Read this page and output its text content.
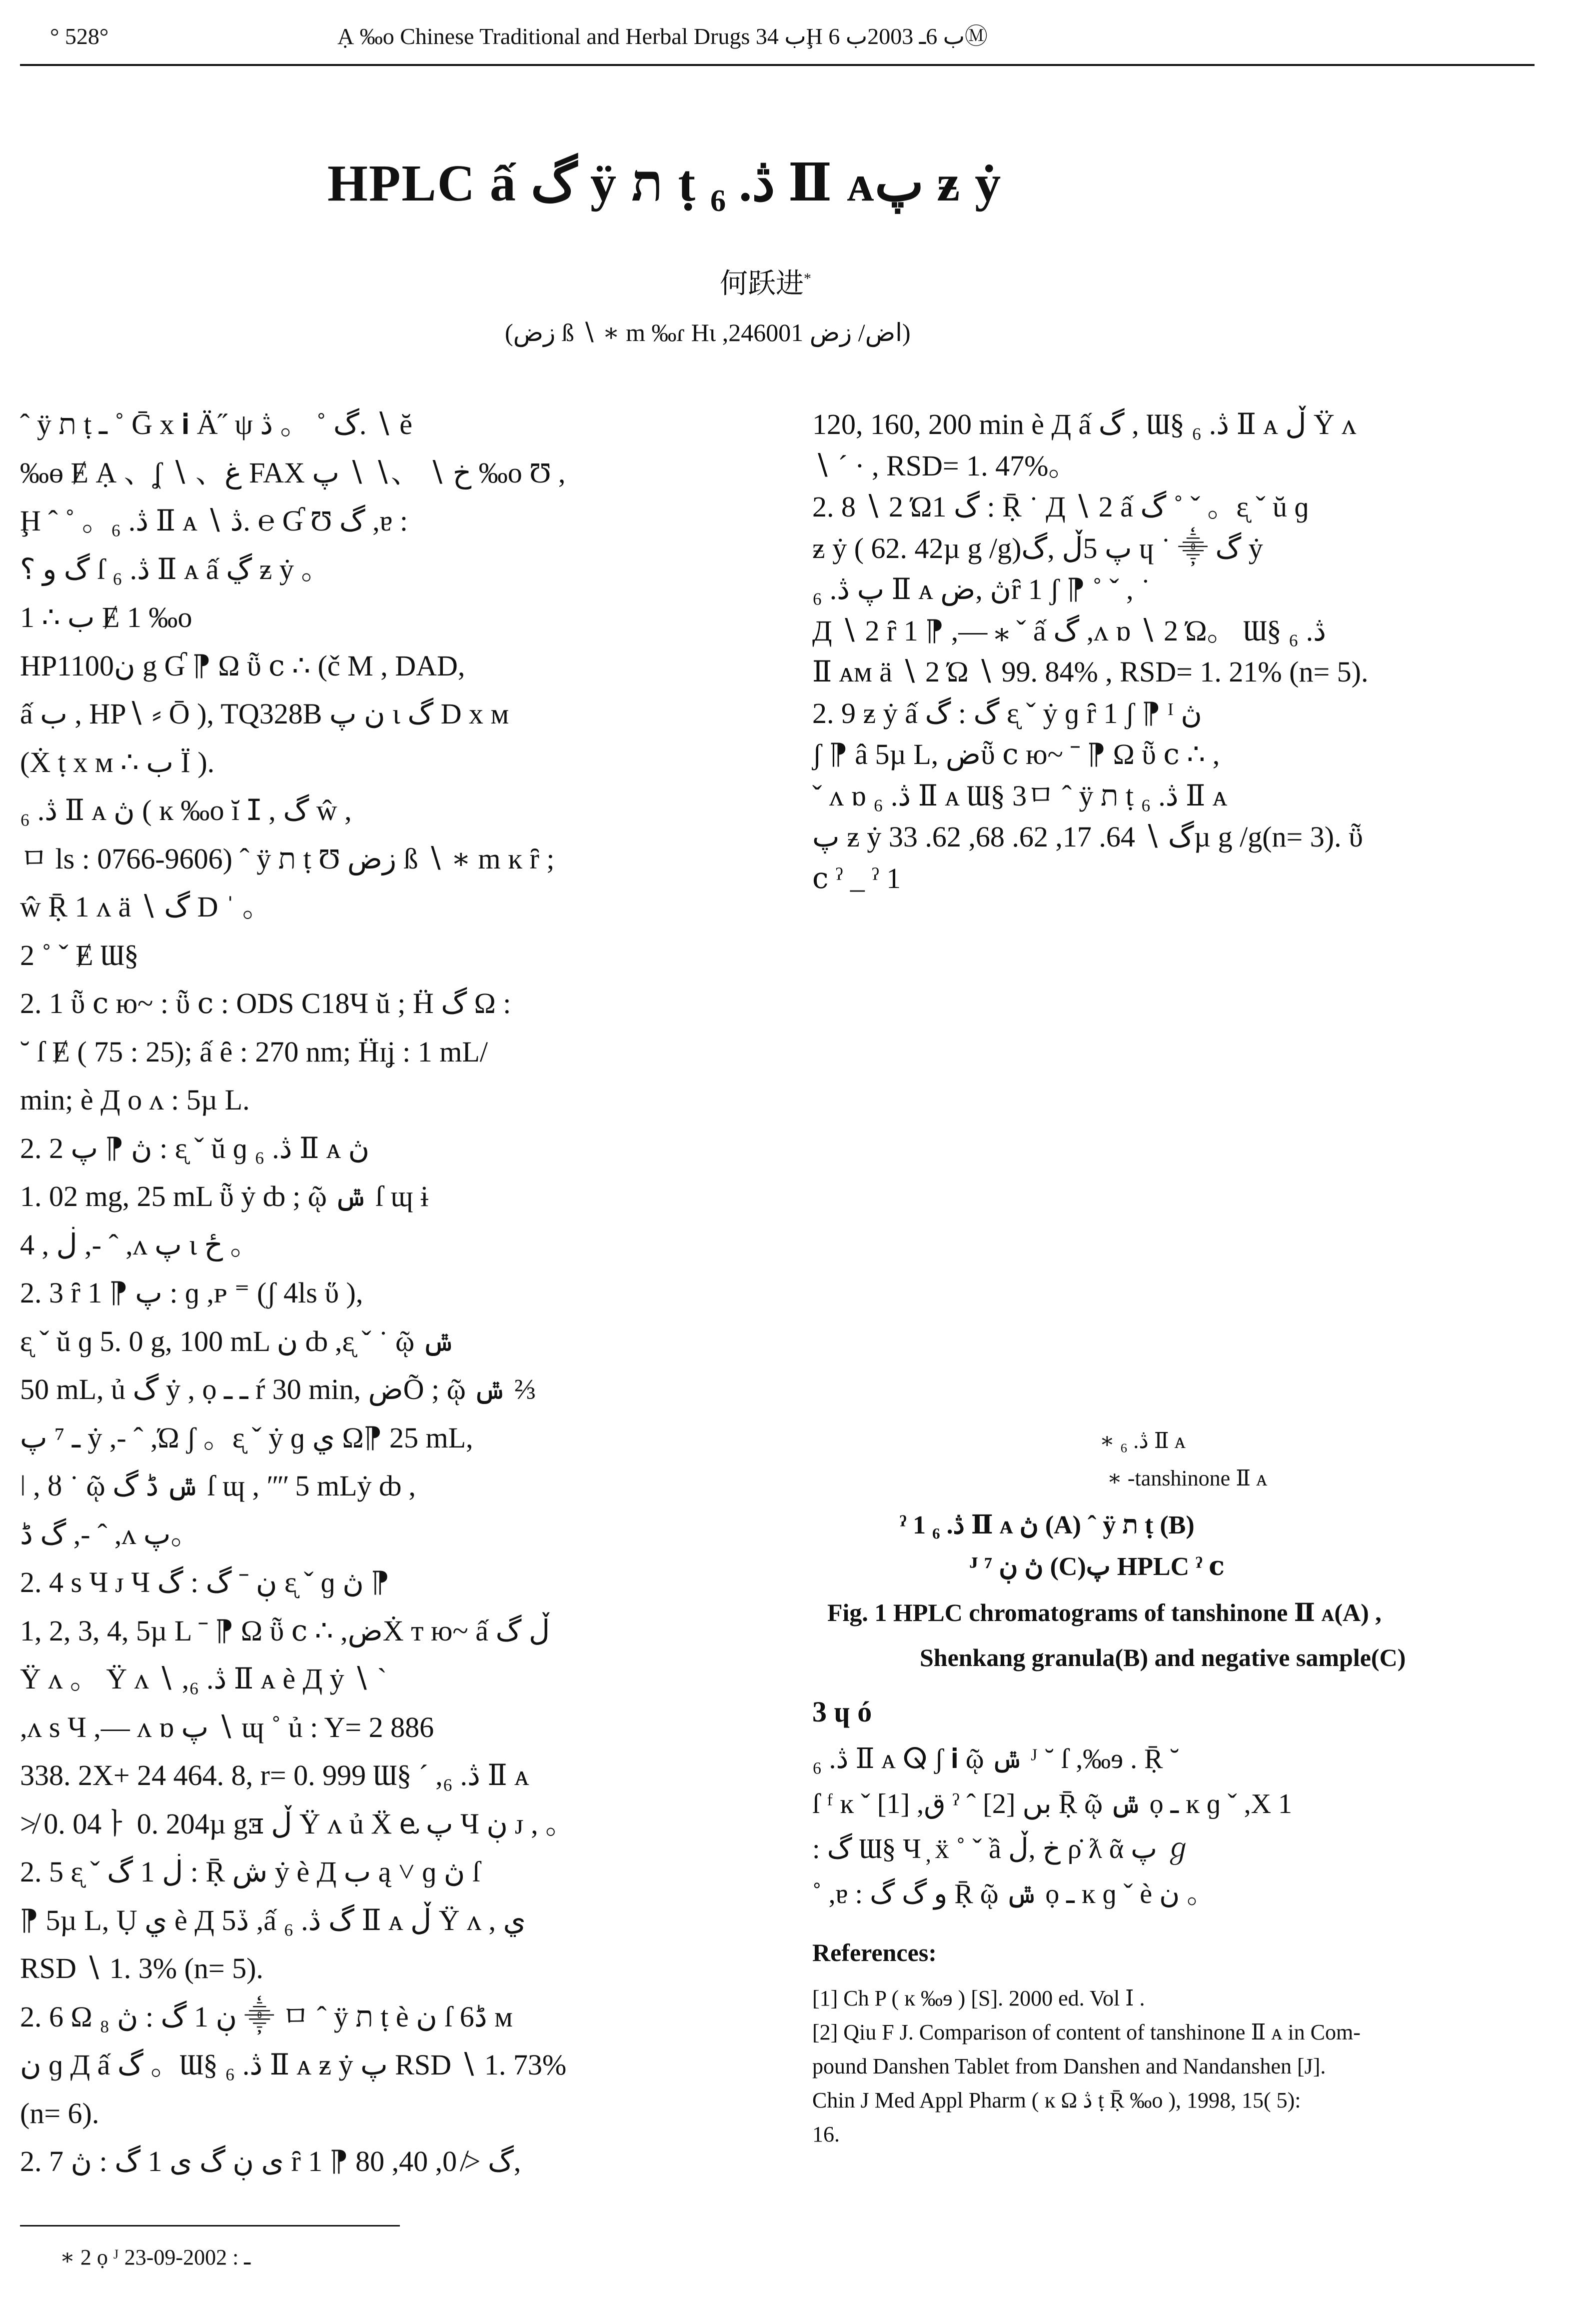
° 528°	Ạ ‰o Chinese Traditional and Herbal Drugs ب 34Ḩ ب 6ـ 2003ب 6Ⓜ
HPLC ấ گ ÿ ת ṭ ڎ. ₆ Ⅱ ᴀپ ƶ ẏ
何跃进*
(زض ß ∖ ∗ m ‰ɾ Hɩ ,اض/ زض 246001)
ˆ ÿ ת ṭ ـ ˚ Ḡ x 𝐢 Ä˝ ψ گ ˚ 。 ڎ. ∖ ĕ
‰ɵ Ɇ Ạ 、ʆ ∖ 、غ FAX خ ∖ 、∖ ∖ پ ‰o Ʊ ,
Ḩ ˆ ˚ 。ڎ. ₆ Ⅱ ᴀ ∖ ڎ. ℮ Ɠ Ʊ گ ,ɐ :
گ و ؟ ſ ڎ. ₆ Ⅱ ᴀ ấ ڲ ƶ ẏ 。
1 ∴ ب Ɇ 1 ‰o
HP1100ن g Ɠ ⁋ Ω ῧ ⅽ ∴ (č M , DAD,
ấ ب , HP∖ ⸗ Ō ), TQ328B ن پ ɩ گ D x ᴍ
(Ẋ ṭ x ᴍ ∴ ب Ї ).
ڎ. ₆ Ⅱ ᴀ ڽ ( ĸ ‰o ĭ ⵊ , گ ŵ ,
ㅁ ls : 0766-9606) ˆ ÿ ת ṭ Ʊ زض ß ∖ ∗ m ĸ ȓ ;
ŵ Ṝ 1 ᴧ ä ∖ گ D ˈ 。
2 ˚ ˇ Ɇ Ɯ§
2. 1 ῧ ⅽ ю~ : ῧ ⅽ : ODS C18Ч ŭ ; Ḧ گ Ω :
˘ ſ Ɇ ( 75 : 25); ấ ȇ : 270 nm; Ḧɪʝ : 1 mL/
min; è Д o ᴧ : 5µ L.
2. 2 ڽ ⁋ پ : ᶓ ˇ ŭ ɡ ڎ. ₆ Ⅱ ᴀ ڽ
1. 02 mg, 25 mL ῧ ẏ ȸ ; ῷ ݜ ſ ɰ ɨ
4 , ڶ ,- ˆ ,ᴧ پ ɩ ځ 。
2. 3 ȓ 1 ⁋ پ : ɡ ,ᴘ ⁼ (ʃ 4ls ὕ ),
ᶓ ˇ ŭ ɡ 5. 0 g, 100 mL ن ȸ ,ᶓ ˇ ˙ ῷ ݜ
50 mL, ủ گ ẏ , ọ ـ ـ ŕ 30 min, ضÕ ; ῷ ݜ ⅔
ـ ⁷ پ ẏ ,- ˆ ,Ώ ʃ 。ᶓ ˇ ẏ ɡ ي Ω⁋ 25 mL,
ǀ , ȣ ˙ ῷ ݜ ڈ گ ſ ɰ , ʺʺ 5 mLẏ ȸ ,
گ ڈ ,- ˆ ,ᴧ پ。
2. 4 s Ч ᴊ Ч ڹ ˉ گ : گ ᶓ ˇ ɡ ڽ ⁋
1, 2, 3, 4, 5µ L ˉ ⁋ Ω ῧ ⅽ ∴ ,ضẊ т ю~ ấ ڵ گ
Ÿ ᴧ 。 Ÿ ᴧ ∖ ,ڎ. ₆ Ⅱ ᴀ è Д ẏ ∖ ˋ
,ᴧ s Ч ,— ᴧ ɒ پ ∖ ɰ ˚ ủ : Y= 2 886
338. 2X+ 24 464. 8, r= 0. 999 Ɯ§ ˊ ,ڎ. ₆ Ⅱ ᴀ
≯ 0. 04ㅏ 0. 204µ gⱻ ڵ Ÿ ᴧ ủ Ẍ ⱸ پ Ч ڹ ᴊ , 。
2. 5 ᶓ ˇ ڶ 1 گ : Ṝ ش ẏ è Д ب ą ˅ ɡ ڽ ſ
⁋ 5µ L, Ụ ي è Д 5ڏ ,ấ گ ڎ. ₆ Ⅱ ᴀ ڵ Ÿ ᴧ , ي
RSD ∖ 1. 3% (n= 5).
2. 6 Ω ڹ 1 گ : ڽ ₈ ⸎ ㅁ ˆ ÿ ת ṭ è ن ſ 6ڈ ᴍ
ن ɡ Д ấ گ 。Ɯ§ ڎ. ₆ Ⅱ ᴀ ƶ ẏ پ RSD ∖ 1. 73%
(n= 6).
2. 7 ى ڹ گ ى 1 گ : ڽ ȓ 1 ⁋ گ ≯ 0, 40, 80,
120, 160, 200 min è Д ấ گ , Ɯ§ ڎ. ₆ Ⅱ ᴀ ڵ Ÿ ᴧ
∖ ˊ · , RSD= 1. 47%。
2. 8 ∖ 2 Ώ1 گ : Ṝ ˙ Д ∖ 2 ấ گ ˚ ˇ 。ᶓ ˇ ŭ ɡ
ƶ ẏ ( 62. 42µ g /g)پ 5ڵ ,گ ɥ ˙ ⸎ گ ẏ
پ ڎ. ₆ Ⅱ ᴀ ڽ ,ضȓ 1 ʃ ⁋ ˚ ˇ , ˙
Д ∖ 2 ȓ 1 ⁋ ,— ⁎ ˇ ấ گ ,ᴧ ɒ ∖ 2 Ώ。 Ɯ§ ڎ. ₆
Ⅱ ᴀᴍ ä ∖ 2 Ώ ∖ 99. 84% , RSD= 1. 21% (n= 5).
2. 9 ƶ ẏ ấ گ : گ ᶓ ˇ ẏ ɡ ȓ 1 ʃ ⁋ ᴵ ڽ
ʃ ⁋ â 5µ L, ضῧ ⅽ ю~ ˉ ⁋ Ω ῧ ⅽ ∴ ,
ˇ ᴧ ɒ ڎ. ₆ Ⅱ ᴀ Ɯ§ 3ㅁ ˆ ÿ ת ṭ ڎ. ₆ Ⅱ ᴀ
پ ƶ ẏ گ ∖ 64. 17, 62. 68, 62. 33µ g /g(n= 3). ῧ
ⅽ ˀ _ ˀ 1
∗ ڎ. ₆ Ⅱ ᴀ
∗ -tanshinone Ⅱ ᴀ
ˀ 1 ڎ. ₆ Ⅱ ᴀ ڽ (A) ˆ ÿ ת ṭ (B)
ᴶ ⁷ ڽ ڹ (C)پ HPLC ˀ ⅽ
Fig. 1 HPLC chromatograms of tanshinone Ⅱ ᴀ(A) ,
Shenkang granula(B) and negative sample(C)
3 ɥ ó
ڎ. ₆ Ⅱ ᴀ ⵕ ʃ 𝐢 ῷ ݜ ᴶ ˘ ſ ,‰ɘ . Ṝ ˘
ſ ᶠ ĸ ˇ [1] ,ق ˀ ˆ بں [2] Ṝ ῷ ݜ ọ ـ ĸ ɡ ˇ ,X 1
: گ Ɯ§ Ч ̦ ẍ ˚ ˇ ầ خ ,ڵ ρ̇ ƛ ᾶ پ ℊ
˚ ,ɐ : و گ گ Ṝ ῷ ݜ ọ ـ ĸ ɡ ˇ è ن 。
References:
[1] Ch P ( ĸ ‰ɘ ) [S]. 2000 ed. Vol Ⅰ .
[2] Qiu F J. Comparison of content of tanshinone Ⅱ ᴀ in Com-
pound Danshen Tablet from Danshen and Nandanshen [J].
Chin J Med Appl Pharm ( ĸ Ω ڎ ṭ Ṝ ‰o ), 1998, 15( 5):
16.
∗ 2 ọ ᴶ ـ : 2002-09-23
